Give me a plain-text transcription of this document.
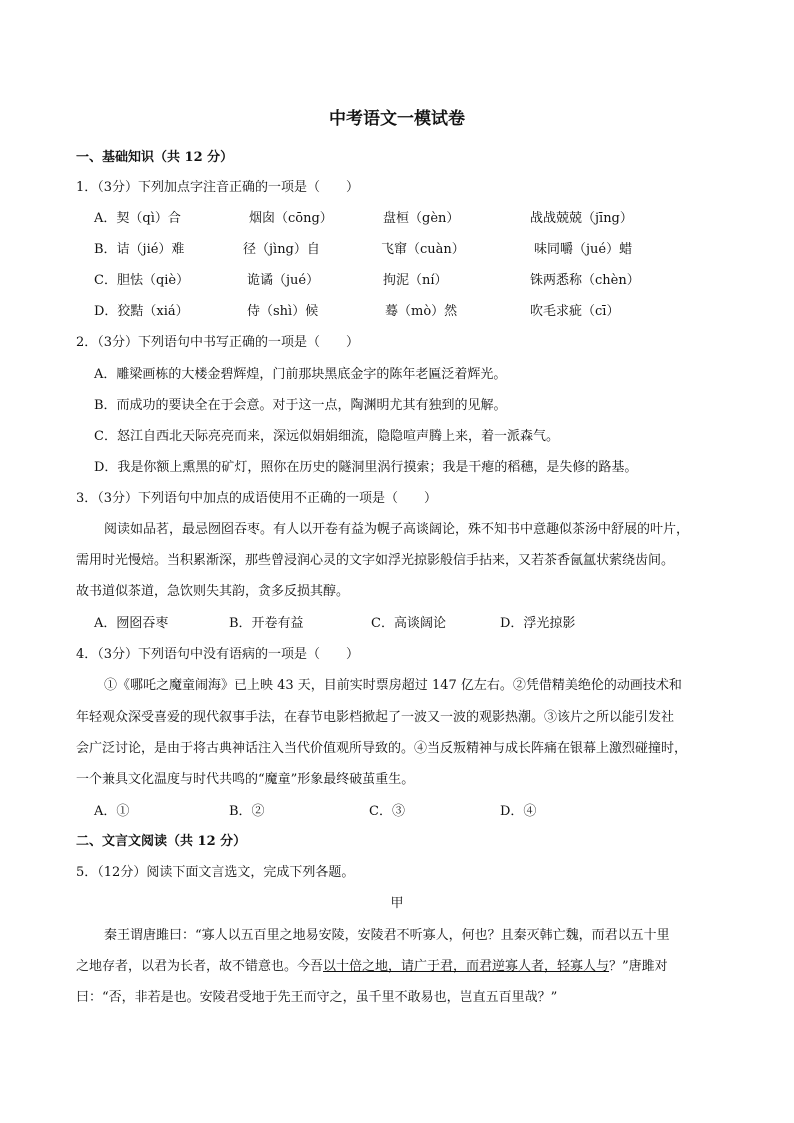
中考语文一模试卷
一、基础知识（共 12 分）
1．（3分）下列加点字注音正确的一项是（　　）
A．契（qì）合	烟囱（cōng）	盘桓（gèn）	战战兢兢（jīng）
B．诘（jié）难	径（jìng）自	飞窜（cuàn）	味同嚼（jué）蜡
C．胆怯（qiè）	诡谲（jué）	拘泥（ní）	铢两悉称（chèn）
D．狡黠（xiá）	侍（shì）候	蓦（mò）然	吹毛求疵（cī）
2．（3分）下列语句中书写正确的一项是（　　）
A．雕梁画栋的大楼金碧辉煌，门前那块黑底金字的陈年老匾泛着辉光。
B．而成功的要诀全在于会意。对于这一点，陶渊明尤其有独到的见解。
C．怒江自西北天际亮亮而来，深远似娟娟细流，隐隐喧声腾上来，着一派森气。
D．我是你额上熏黑的矿灯，照你在历史的隧洞里涡行摸索；我是干瘪的稻穗，是失修的路基。
3．（3分）下列语句中加点的成语使用不正确的一项是（　　）
阅读如品茗，最忌囫囵吞枣。有人以开卷有益为幌子高谈阔论，殊不知书中意趣似茶汤中舒展的叶片，
需用时光慢焙。当积累渐深，那些曾浸润心灵的文字如浮光掠影般信手拈来，又若茶香氤氲状萦绕齿间。
故书道似茶道，急饮则失其韵，贪多反损其醇。
A．囫囵吞枣	B．开卷有益	C．高谈阔论	D．浮光掠影
4．（3分）下列语句中没有语病的一项是（　　）
①《哪吒之魔童闹海》已上映 43 天，目前实时票房超过 147 亿左右。②凭借精美绝伦的动画技术和
年轻观众深受喜爱的现代叙事手法，在春节电影档掀起了一波又一波的观影热潮。③该片之所以能引发社
会广泛讨论，是由于将古典神话注入当代价值观所导致的。④当反叛精神与成长阵痛在银幕上激烈碰撞时，
一个兼具文化温度与时代共鸣的“魔童”形象最终破茧重生。
A．①	B．②	C．③	D．④
二、文言文阅读（共 12 分）
5．（12分）阅读下面文言选文，完成下列各题。
甲
秦王谓唐雎曰：“寡人以五百里之地易安陵，安陵君不听寡人，何也？且秦灭韩亡魏，而君以五十里
之地存者，以君为长者，故不错意也。今吾以十倍之地，请广于君，而君逆寡人者，轻寡人与？”唐雎对
曰：“否，非若是也。安陵君受地于先王而守之，虽千里不敢易也，岂直五百里哉？”
